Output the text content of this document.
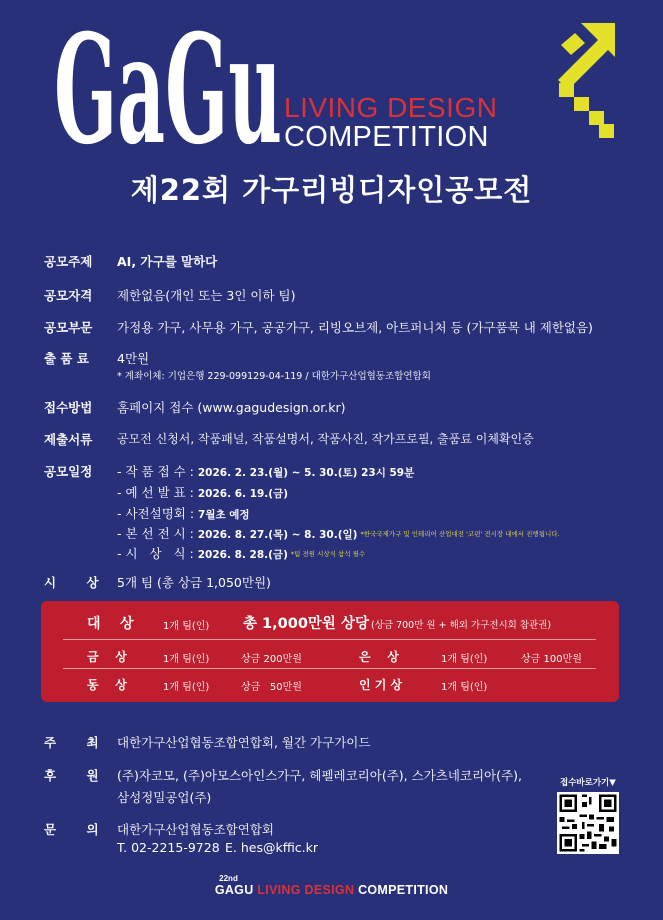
GaGu LIVING DESIGN
COMPETITION
제22회 가구리빙디자인공모전
공모주제 AI, 가구를 말하다
공모자격 제한없음(개인 또는 3인 이하 팀)
공모부문 가정용 가구, 사무용 가구, 공공가구, 리빙오브제, 아트퍼니처 등 (가구품목 내 제한없음)
출 품 료 4만원
* 계좌이체: 기업은행 229-099129-04-119 / 대한가구산업협동조합연합회
접수방법 홈페이지 접수 (www.gagudesign.or.kr)
제출서류 공모전 신청서, 작품패널, 작품설명서, 작품사진, 작가프로필, 출품료 이체확인증
공모일정 - 작 품 접 수 : 2026. 2. 23.(월) ~ 5. 30.(토) 23시 59분
- 예 선 발 표 : 2026. 6. 19.(금)
- 사전설명회 : 7월초 예정
- 본 선 전 시 : 2026. 8. 27.(목) ~ 8. 30.(일) *한국국제가구 및 인테리어 산업대전 '코펀' 전시장 내에서 진행됩니다.
- 시   상   식 : 2026. 8. 28.(금) *팀 전원 시상식 참석 필수
시       상 5개 팀 (총 상금 1,050만원)
대    상	1개 팀(인) 총 1,000만원 상당 (상금 700만 원 + 해외 가구전시회 참관권)
금    상	1개 팀(인)	상금 200만원	은    상	1개 팀(인)	상금 100만원
동    상	1개 팀(인)	상금   50만원	인 기 상	1개 팀(인)
주       최 대한가구산업협동조합연합회, 월간 가구가이드
후       원 (주)자코모, (주)아모스아인스가구, 헤펠레코리아(주), 스가츠네코리아(주),
삼성정밀공업(주)
문       의 대한가구산업협동조합연합회
T. 02-2215-9728 E. hes@kffic.kr
접수바로가기▼
22nd
GAGU LIVING DESIGN COMPETITION
